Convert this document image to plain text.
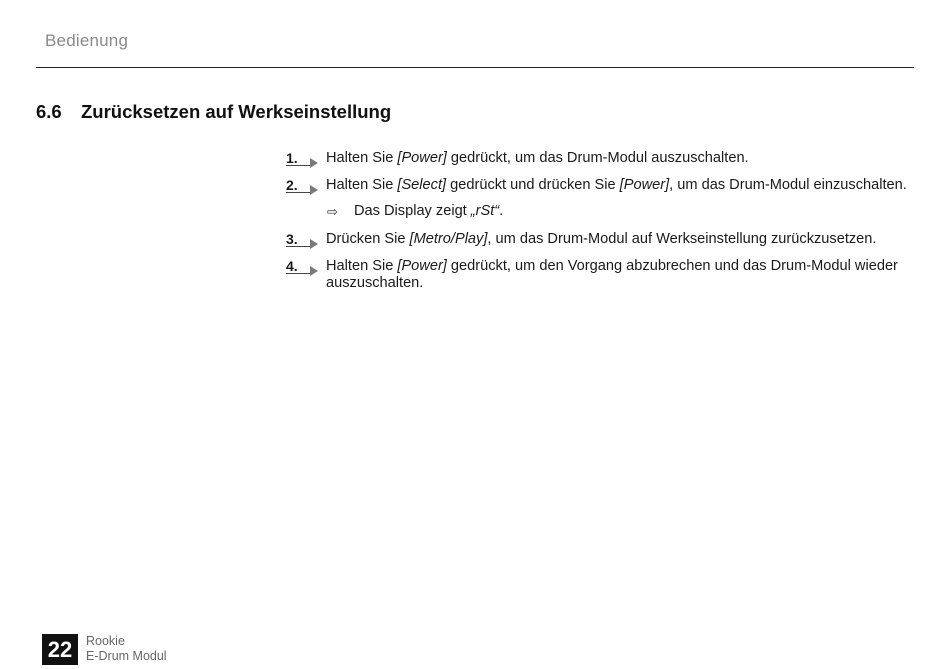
Bedienung
6.6 Zurücksetzen auf Werkseinstellung
1. Halten Sie [Power] gedrückt, um das Drum-Modul auszuschalten.
2. Halten Sie [Select] gedrückt und drücken Sie [Power], um das Drum-Modul einzuschalten.
⇨	Das Display zeigt „rSt“.
3. Drücken Sie [Metro/Play], um das Drum-Modul auf Werkseinstellung zurückzusetzen.
4. Halten Sie [Power] gedrückt, um den Vorgang abzubrechen und das Drum-Modul wieder auszuschalten.
22	Rookie
E-Drum Modul
